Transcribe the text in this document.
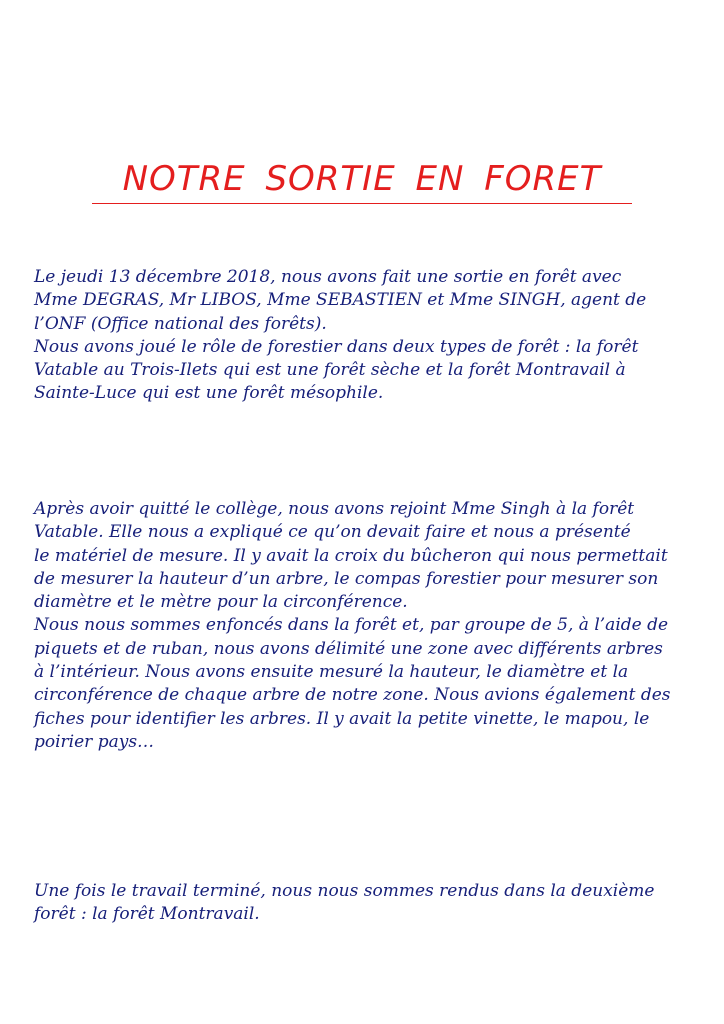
NOTRE SORTIE EN FORET

Le jeudi 13 décembre 2018, nous avons fait une sortie en forêt avec
Mme DEGRAS, Mr LIBOS, Mme SEBASTIEN et Mme SINGH, agent de
l’ONF (Office national des forêts).
Nous avons joué le rôle de forestier dans deux types de forêt : la forêt
Vatable au Trois-Ilets qui est une forêt sèche et la forêt Montravail à
Sainte-Luce qui est une forêt mésophile.

Après avoir quitté le collège, nous avons rejoint Mme Singh à la forêt
Vatable. Elle nous a expliqué ce qu’on devait faire et nous a présenté
le matériel de mesure. Il y avait la croix du bûcheron qui nous permettait
de mesurer la hauteur d’un arbre, le compas forestier pour mesurer son
diamètre et le mètre pour la circonférence.
Nous nous sommes enfoncés dans la forêt et, par groupe de 5, à l’aide de
piquets et de ruban, nous avons délimité une zone avec différents arbres
à l’intérieur. Nous avons ensuite mesuré la hauteur, le diamètre et la
circonférence de chaque arbre de notre zone. Nous avions également des
fiches pour identifier les arbres. Il y avait la petite vinette, le mapou, le
poirier pays…

Une fois le travail terminé, nous nous sommes rendus dans la deuxième
forêt : la forêt Montravail.
